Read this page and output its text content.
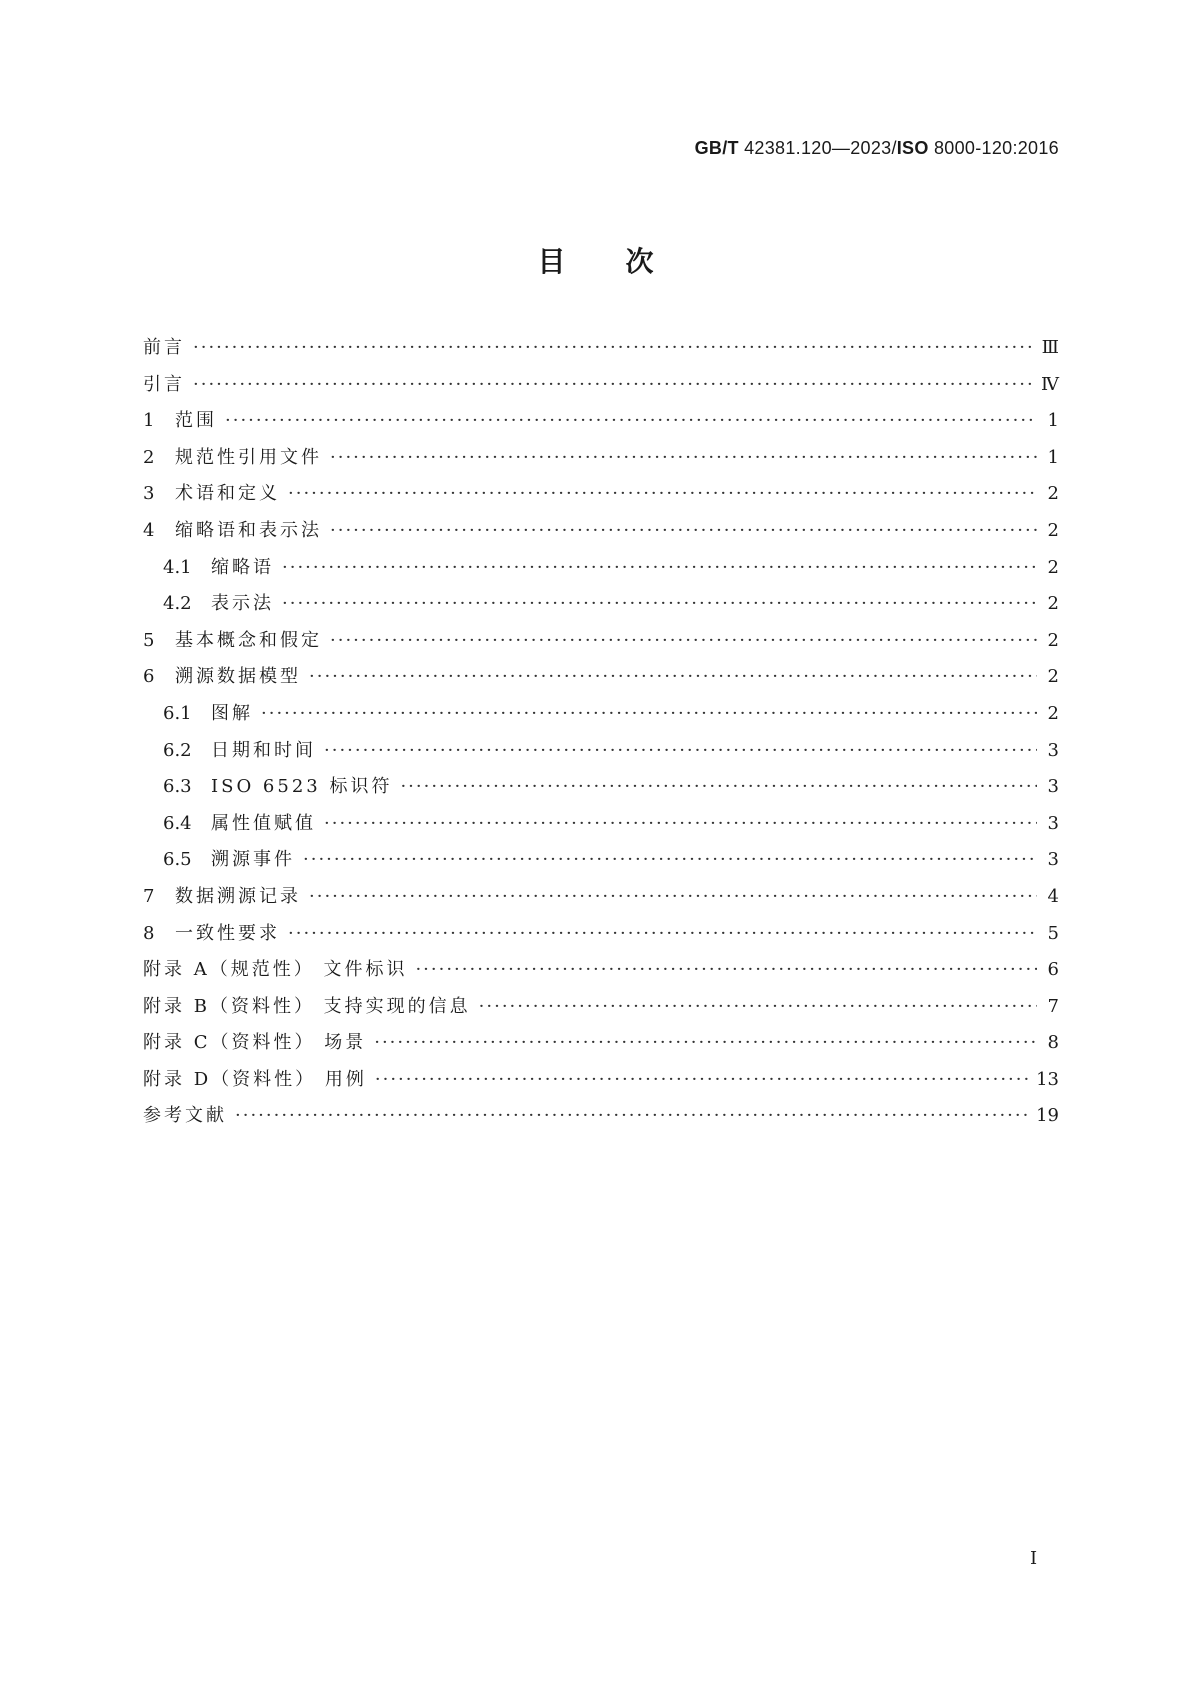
GB/T 42381.120—2023/ISO 8000-120:2016
目次
前言 ·····	Ⅲ
引言 ·····	Ⅳ
1	范围 ·····	1
2	规范性引用文件 ·····	1
3	术语和定义 ·····	2
4	缩略语和表示法 ·····	2
4.1	缩略语 ·····	2
4.2	表示法 ·····	2
5	基本概念和假定 ·····	2
6	溯源数据模型 ·····	2
6.1	图解 ·····	2
6.2	日期和时间 ·····	3
6.3	ISO 6523 标识符 ·····	3
6.4	属性值赋值 ·····	3
6.5	溯源事件 ·····	3
7	数据溯源记录 ·····	4
8	一致性要求 ·····	5
附录 A（规范性） 文件标识 ·····	6
附录 B（资料性） 支持实现的信息 ·····	7
附录 C（资料性） 场景 ·····	8
附录 D（资料性） 用例 ·····	13
参考文献 ·····	19
I
